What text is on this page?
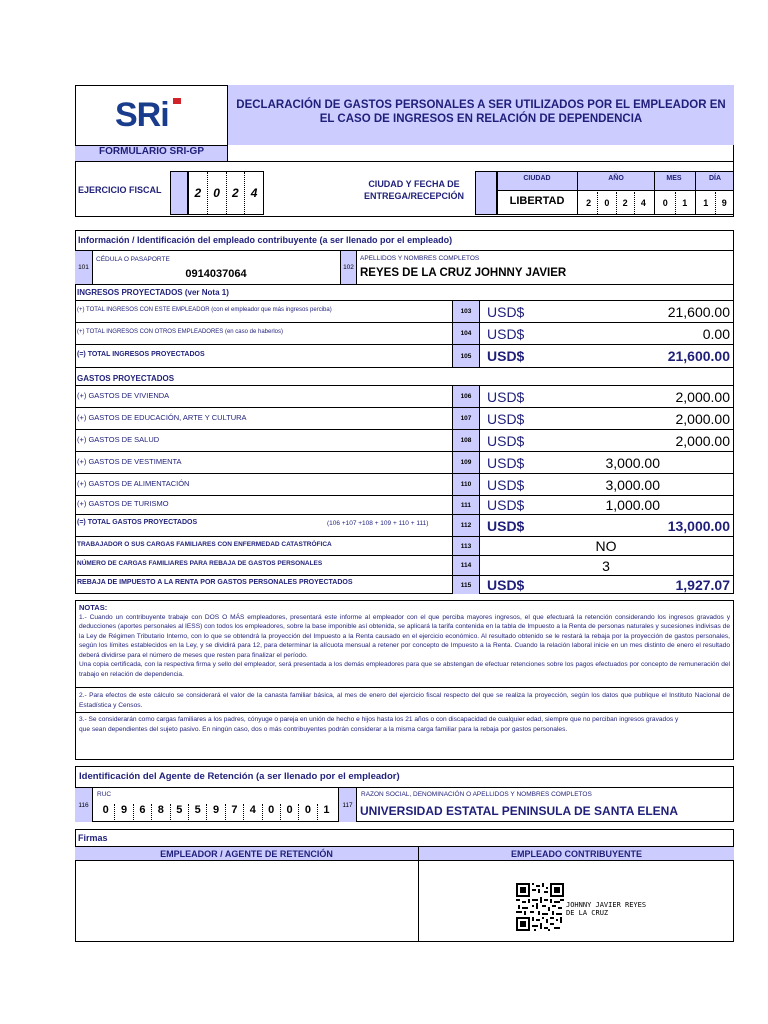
SRi	DECLARACIÓN DE GASTOS PERSONALES A SER UTILIZADOS POR EL EMPLEADOR EN EL CASO DE INGRESOS EN RELACIÓN DE DEPENDENCIA
FORMULARIO SRI-GP
EJERCICIO FISCAL	2	0	2	4
CIUDAD Y FECHA DE ENTREGA/RECEPCIÓN
CIUDAD	AÑO	MES	DÍA
LIBERTAD	2	0	2	4	0	1	1	9
Información / Identificación del empleado contribuyente (a ser llenado por el empleado)
101
CÉDULA O PASAPORTE
0914037064
102
APELLIDOS Y NOMBRES COMPLETOS
REYES DE LA CRUZ JOHNNY JAVIER
INGRESOS PROYECTADOS (ver Nota 1)
(+) TOTAL INGRESOS CON ESTE EMPLEADOR (con el empleador que más ingresos perciba)	103	USD$	21,600.00
(+) TOTAL INGRESOS CON OTROS EMPLEADORES (en caso de haberlos)	104	USD$	0.00
(=) TOTAL INGRESOS PROYECTADOS	105	USD$	21,600.00
GASTOS PROYECTADOS
(+) GASTOS DE VIVIENDA	106	USD$	2,000.00
(+) GASTOS DE EDUCACIÓN, ARTE Y CULTURA	107	USD$	2,000.00
(+) GASTOS DE SALUD	108	USD$	2,000.00
(+) GASTOS DE VESTIMENTA	109	USD$	3,000.00
(+) GASTOS DE ALIMENTACIÓN	110	USD$	3,000.00
(+) GASTOS DE TURISMO	111	USD$	1,000.00
(=) TOTAL GASTOS PROYECTADOS	(106 +107 +108 + 109 + 110 + 111)	112	USD$	13,000.00
TRABAJADOR O SUS CARGAS FAMILIARES CON ENFERMEDAD CATASTRÓFICA	113	NO
NÚMERO DE CARGAS FAMILIARES PARA REBAJA DE GASTOS PERSONALES	114	3
REBAJA DE IMPUESTO A LA RENTA POR GASTOS PERSONALES PROYECTADOS	115	USD$	1,927.07

NOTAS:

1.- Cuando un contribuyente trabaje con DOS O MÁS empleadores, presentará este informe al empleador con el que perciba mayores ingresos, el que efectuará la retención considerando los ingresos gravados y deducciones (aportes personales al IESS) con todos los empleadores, sobre la base imponible así obtenida, se aplicará la tarifa contenida en la tabla de Impuesto a la Renta de personas naturales y sucesiones indivisas de la Ley de Régimen Tributario Interno, con lo que se obtendrá la proyección del Impuesto a la Renta causado en el ejercicio económico. Al resultado obtenido se le restará la rebaja por la proyección de gastos personales, según los límites establecidos en la Ley, y se dividirá para 12, para determinar la alícuota mensual a retener por concepto de Impuesto a la Renta. Cuando la relación laboral inicie en un mes distinto de enero el resultado deberá dividirse para el número de meses que resten para finalizar el período.

Una copia certificada, con la respectiva firma y sello del empleador, será presentada a los demás empleadores para que se abstengan de efectuar retenciones sobre los pagos efectuados por concepto de remuneración del trabajo en relación de dependencia.

2.- Para efectos de este cálculo se considerará el valor de la canasta familiar básica, al mes de enero del ejercicio fiscal respecto del que se realiza la proyección, según los datos que publique el Instituto Nacional de Estadística y Censos.

3.- Se considerarán como cargas familiares a los padres, cónyuge o pareja en unión de hecho e hijos hasta los 21 años o con discapacidad de cualquier edad, siempre que no perciban ingresos gravados y

que sean dependientes del sujeto pasivo. En ningún caso, dos o más contribuyentes podrán considerar a la misma carga familiar para la rebaja por gastos personales.

Identificación del Agente de Retención (a ser llenado por el empleador)
116
RUC
0	9	6	8	5	5	9	7	4	0	0	0	1	117
RAZON SOCIAL, DENOMINACIÓN O APELLIDOS Y NOMBRES COMPLETOS
UNIVERSIDAD ESTATAL PENINSULA DE SANTA ELENA
Firmas
EMPLEADOR / AGENTE DE RETENCIÓN	EMPLEADO CONTRIBUYENTE
JOHNNY JAVIER REYES
DE LA CRUZ
